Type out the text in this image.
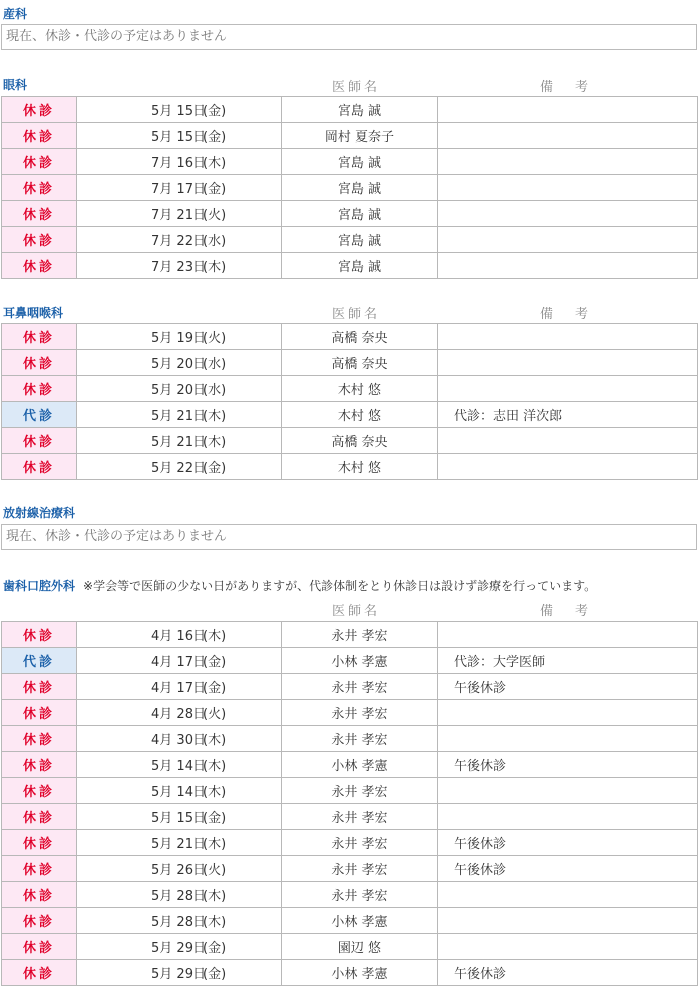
産科
現在、休診・代診の予定はありません
眼科	医師名	備考
休診	5月 15日(金)	宮島 誠	
休診	5月 15日(金)	岡村 夏奈子	
休診	7月 16日(木)	宮島 誠	
休診	7月 17日(金)	宮島 誠	
休診	7月 21日(火)	宮島 誠	
休診	7月 22日(水)	宮島 誠	
休診	7月 23日(木)	宮島 誠	
耳鼻咽喉科	医師名	備考
休診	5月 19日(火)	高橋 奈央	
休診	5月 20日(水)	高橋 奈央	
休診	5月 20日(水)	木村 悠	
代診	5月 21日(木)	木村 悠	代診：志田 洋次郎
休診	5月 21日(木)	高橋 奈央	
休診	5月 22日(金)	木村 悠	
放射線治療科
現在、休診・代診の予定はありません
歯科口腔外科 ※学会等で医師の少ない日がありますが、代診体制をとり休診日は設けず診療を行っています。
医師名	備考
休診	4月 16日(木)	永井 孝宏	
代診	4月 17日(金)	小林 孝憲	代診：大学医師
休診	4月 17日(金)	永井 孝宏	午後休診
休診	4月 28日(火)	永井 孝宏	
休診	4月 30日(木)	永井 孝宏	
休診	5月 14日(木)	小林 孝憲	午後休診
休診	5月 14日(木)	永井 孝宏	
休診	5月 15日(金)	永井 孝宏	
休診	5月 21日(木)	永井 孝宏	午後休診
休診	5月 26日(火)	永井 孝宏	午後休診
休診	5月 28日(木)	永井 孝宏	
休診	5月 28日(木)	小林 孝憲	
休診	5月 29日(金)	園辺 悠	
休診	5月 29日(金)	小林 孝憲	午後休診
